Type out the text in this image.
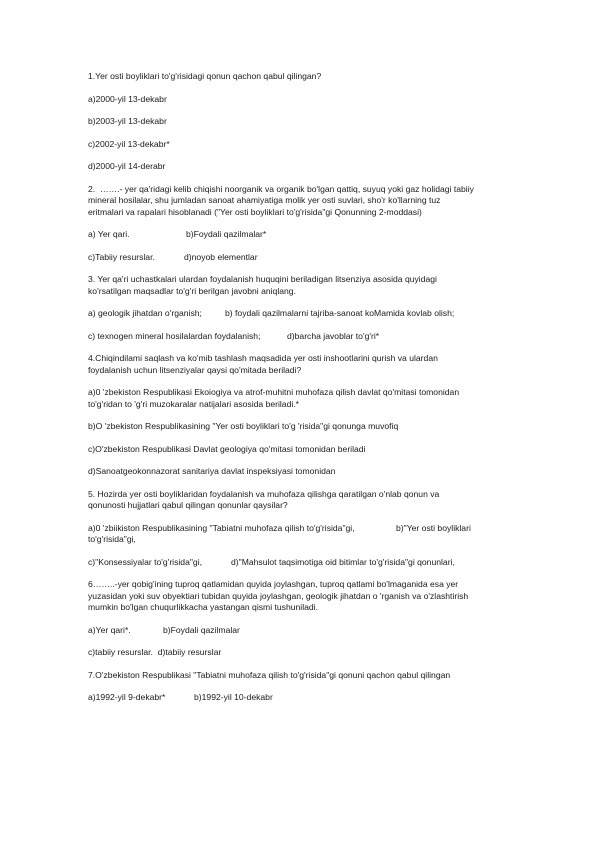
1.Yer osti boyliklari to'g'risidagi qonun qachon qabul qilingan?

a)2000-yil 13-dekabr

b)2003-yil 13-dekabr

c)2002-yil 13-dekabr*

d)2000-yil 14-derabr

2.  …….- yer qa'ridagi kelib chiqishi noorganik va organik bo'lgan qattiq, suyuq yoki gaz holidagi tabiiy

mineral hosilalar, shu jumladan sanoat ahamiyatiga molik yer osti suvlari, sho'r ko'llarning tuz

eritmalari va rapalari hisoblanadi ("Yer osti boyliklari to'g'risida"gi Qonunning 2-moddasi)

a) Yer qari.	b)Foydali qazilmalar*
c)Tabiiy resurslar.	d)noyob elementlar

3. Yer qa'ri uchastkalari ulardan foydalanish huquqini beriladigan litsenziya asosida quyidagi

ko'rsatilgan maqsadlar to'g'ri berilgan javobni aniqlang.

a) geologik jihatdan o'rganish;	b) foydali qazilmalarni tajriba-sanoat koMamida kovlab olish;
c) texnogen mineral hosilalardan foydalanish;	d)barcha javoblar to'g'ri*

4.Chiqindilami saqlash va ko'mib tashlash maqsadida yer osti inshootlarini qurish va ulardan

foydalanish uchun litsenziyalar qaysi qo'mitada beriladi?

a)0 'zbekiston Respublikasi Ekoiogiya va atrof-muhitni muhofaza qilish davlat qo'mitasi tomonidan

to'g'ridan to 'g'ri muzokaralar natijalari asosida beriladi.*

b)O 'zbekiston Respublikasining "Yer osti boyliklari to'g 'risida"gi qonunga muvofiq

c)O'zbekiston Respublikasi Davlat geologiya qo'mitasi tomonidan beriladi

d)Sanoatgeokonnazorat sanitariya davlat inspeksiyasi tomonidan

5. Hozirda yer osti boyliklaridan foydalanish va muhofaza qilishga qaratilgan o'nlab qonun va

qonunosti hujjatlari qabul qilingan qonunlar qaysilar?

a)0 'zbiikiston Respublikasining "Tabiatni muhofaza qilish to'g'risida"gi,	b)"Yer osti boyliklari

to'g'risida"gi,

c)"Konsessiyalar to'g'risida"gi,	d)"Mahsulot taqsimotiga oid bitimlar to'g'risida"gi qonunlari,

6……..-yer qobig'ining tuproq qatlamidan quyida joylashgan, tuproq qatlami bo'lmaganida esa yer

yuzasidan yoki suv obyektiari tubidan quyida joylashgan, geologik jihatdan o 'rganish va o'zlashtirish

mumkin bo'lgan chuqurlikkacha yastangan qismi tushuniladi.

a)Yer qari*.	b)Foydali qazilmalar

c)tabiiy resurslar.  d)tabiiy resurslar

7.O'zbekiston Respublikasi "Tabiatni muhofaza qilish to'g'risida"gi qonuni qachon qabul qilingan

a)1992-yil 9-dekabr*	b)1992-yil 10-dekabr
